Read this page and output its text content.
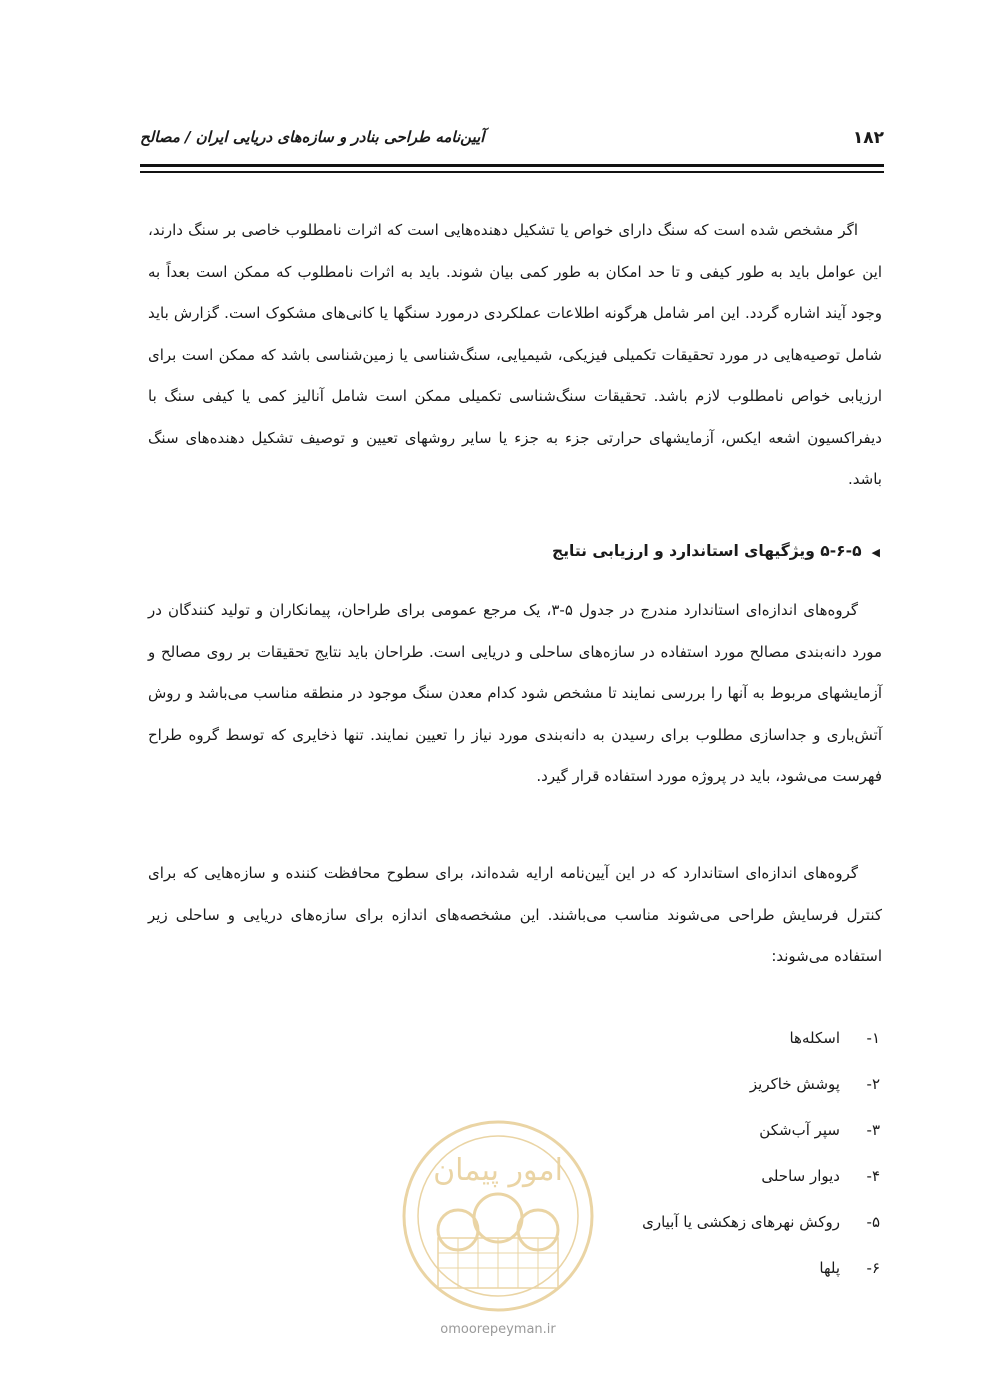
۱۸۲
آیین‌نامه طراحی بنادر و سازه‌های دریایی ایران / مصالح

اگر مشخص شده است که سنگ دارای خواص یا تشکیل دهنده‌هایی است که اثرات نامطلوب خاصی بر سنگ دارند، این عوامل باید به طور کیفی و تا حد امکان به طور کمی بیان شوند. باید به اثرات نامطلوب که ممکن است بعداً به وجود آیند اشاره گردد. این امر شامل هرگونه اطلاعات عملکردی درمورد سنگها یا کانی‌های مشکوک است. گزارش باید شامل توصیه‌هایی در مورد تحقیقات تکمیلی فیزیکی، شیمیایی، سنگ‌شناسی یا زمین‌شناسی باشد که ممکن است برای ارزیابی خواص نامطلوب لازم باشد. تحقیقات سنگ‌شناسی تکمیلی ممکن است شامل آنالیز کمی یا کیفی سنگ با دیفراکسیون اشعه ایکس، آزمایشهای حرارتی جزء به جزء یا سایر روشهای تعیین و توصیف تشکیل دهنده‌های سنگ باشد.

◀۵-۶-۵ ویژگیهای استاندارد و ارزیابی نتایج

گروه‌های اندازه‌ای استاندارد مندرج در جدول ۵-۳، یک مرجع عمومی برای طراحان، پیمانکاران و تولید کنندگان در مورد دانه‌بندی مصالح مورد استفاده در سازه‌های ساحلی و دریایی است. طراحان باید نتایج تحقیقات بر روی مصالح و آزمایشهای مربوط به آنها را بررسی نمایند تا مشخص شود کدام معدن سنگ موجود در منطقه مناسب می‌باشد و روش آتش‌باری و جداسازی مطلوب برای رسیدن به دانه‌بندی مورد نیاز را تعیین نمایند. تنها ذخایری که توسط گروه طراح فهرست می‌شود، باید در پروژه مورد استفاده قرار گیرد.

گروه‌های اندازه‌ای استاندارد که در این آیین‌نامه ارایه شده‌اند، برای سطوح محافظت کننده و سازه‌هایی که برای کنترل فرسایش طراحی می‌شوند مناسب می‌باشند. این مشخصه‌های اندازه برای سازه‌های دریایی و ساحلی زیر استفاده می‌شوند:

۱-اسکله‌ها
۲-پوشش خاکریز
۳-سپر آب‌شکن
۴-دیوار ساحلی
۵-روکش نهرهای زهکشی یا آبیاری
۶-پلها
امور پیمان
omoorepeyman.ir
